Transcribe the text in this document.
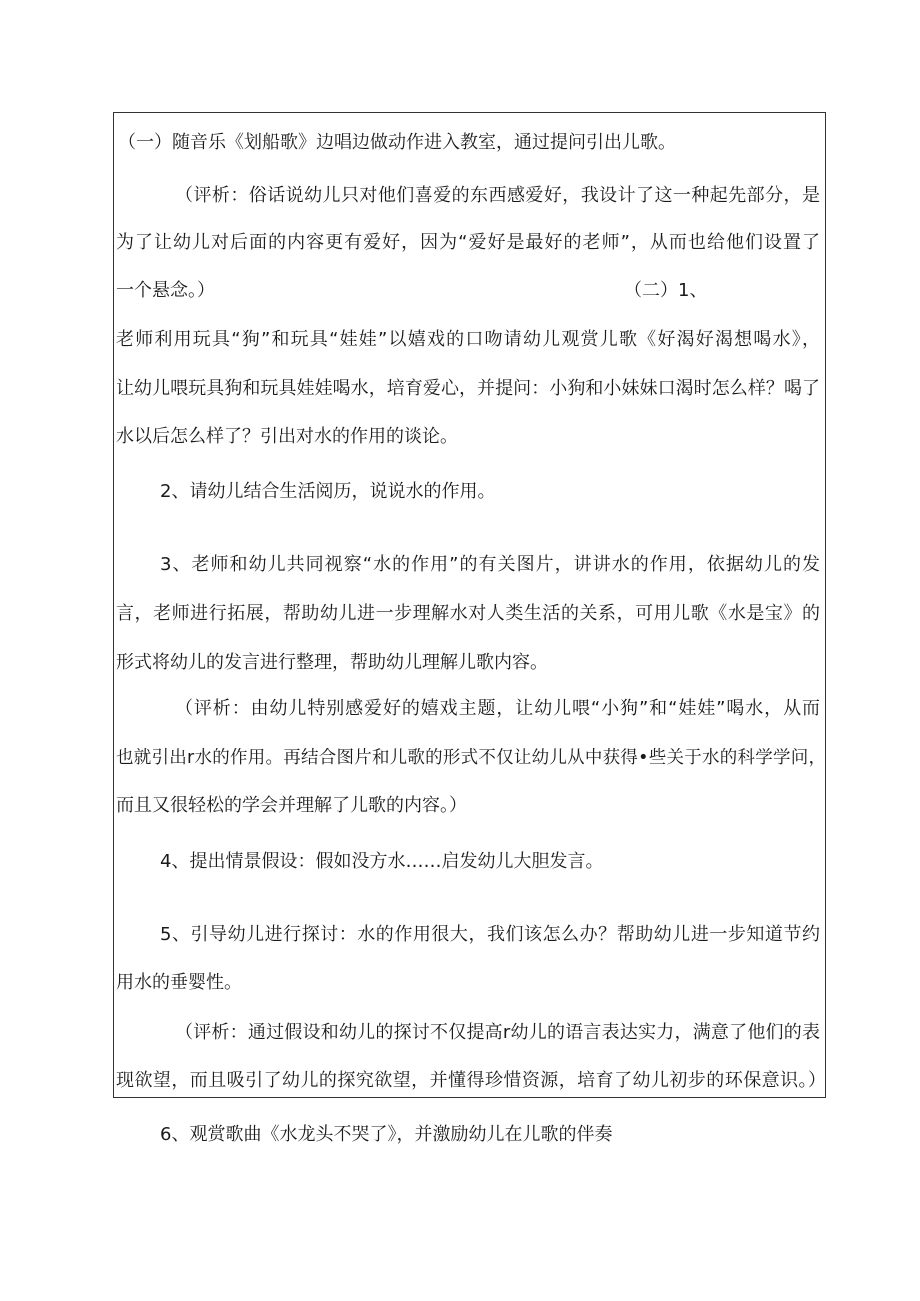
（一）随音乐《划船歌》边唱边做动作进入教室，通过提问引出儿歌。

（评析：俗话说幼儿只对他们喜爱的东西感爱好，我设计了这一种起先部分，是

为了让幼儿对后面的内容更有爱好，因为“爱好是最好的老师”，从而也给他们设置了

一个悬念。）	（二）1、

老师利用玩具“狗”和玩具“娃娃”以嬉戏的口吻请幼儿观赏儿歌《好渴好渴想喝水》，

让幼儿喂玩具狗和玩具娃娃喝水，培育爱心，并提问：小狗和小妹妹口渴时怎么样？喝了

水以后怎么样了？引出对水的作用的谈论。

2、请幼儿结合生活阅历，说说水的作用。

3、老师和幼儿共同视察“水的作用”的有关图片，讲讲水的作用，依据幼儿的发

言，老师进行拓展，帮助幼儿进一步理解水对人类生活的关系，可用儿歌《水是宝》的

形式将幼儿的发言进行整理，帮助幼儿理解儿歌内容。

（评析：由幼儿特别感爱好的嬉戏主题，让幼儿喂“小狗”和“娃娃”喝水，从而

也就引出r水的作用。再结合图片和儿歌的形式不仅让幼儿从中获得•些关于水的科学学问，

而且又很轻松的学会并理解了儿歌的内容。）

4、提出情景假设：假如没方水……启发幼儿大胆发言。

5、引导幼儿进行探讨：水的作用很大，我们该怎么办？帮助幼儿进一步知道节约

用水的垂婴性。

（评析：通过假设和幼儿的探讨不仅提高r幼儿的语言表达实力，满意了他们的表

现欲望，而且吸引了幼儿的探究欲望，并懂得珍惜资源，培育了幼儿初步的环保意识。）

6、观赏歌曲《水龙头不哭了》，并激励幼儿在儿歌的伴奏
